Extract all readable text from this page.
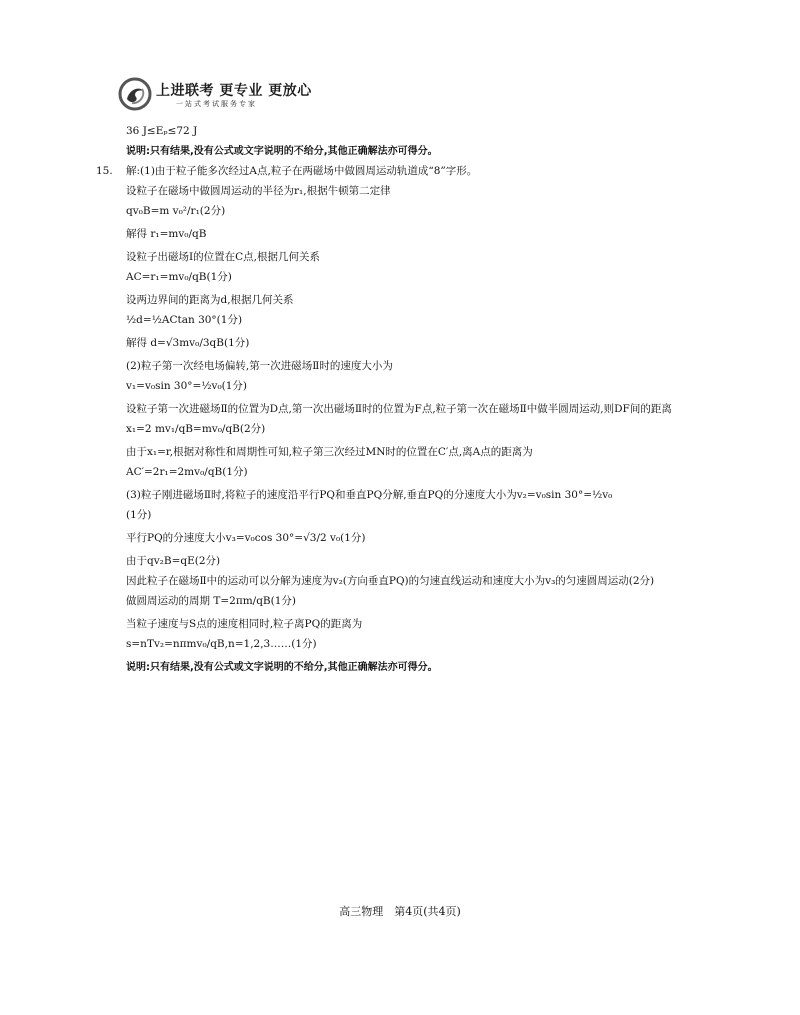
上进联考 更专业 更放心
一站式考试服务专家
36 J≤Eₚ≤72 J
说明:只有结果,没有公式或文字说明的不给分,其他正确解法亦可得分。
15. 解:(1)由于粒子能多次经过A点,粒子在两磁场中做圆周运动轨道成“8”字形。
设粒子在磁场中做圆周运动的半径为r₁,根据牛顿第二定律
qv₀B=m v₀²/r₁(2分)
解得 r₁=mv₀/qB
设粒子出磁场Ⅰ的位置在C点,根据几何关系
AC=r₁=mv₀/qB(1分)
设两边界间的距离为d,根据几何关系
½d=½ACtan 30°(1分)
解得 d=√3mv₀/3qB(1分)
(2)粒子第一次经电场偏转,第一次进磁场Ⅱ时的速度大小为
v₁=v₀sin 30°=½v₀(1分)
设粒子第一次进磁场Ⅱ的位置为D点,第一次出磁场Ⅱ时的位置为F点,粒子第一次在磁场Ⅱ中做半圆周运动,则DF间的距离
x₁=2 mv₁/qB=mv₀/qB(2分)
由于x₁=r,根据对称性和周期性可知,粒子第三次经过MN时的位置在C′点,离A点的距离为
AC′=2r₁=2mv₀/qB(1分)
(3)粒子刚进磁场Ⅱ时,将粒子的速度沿平行PQ和垂直PQ分解,垂直PQ的分速度大小为v₂=v₀sin 30°=½v₀
(1分)
平行PQ的分速度大小v₃=v₀cos 30°=√3/2 v₀(1分)
由于qv₂B=qE(2分)
因此粒子在磁场Ⅱ中的运动可以分解为速度为v₂(方向垂直PQ)的匀速直线运动和速度大小为v₃的匀速圆周运动(2分)
做圆周运动的周期 T=2πm/qB(1分)
当粒子速度与S点的速度相同时,粒子离PQ的距离为
s=nTv₂=nπmv₀/qB,n=1,2,3……(1分)
说明:只有结果,没有公式或文字说明的不给分,其他正确解法亦可得分。
高三物理　第4页(共4页)
